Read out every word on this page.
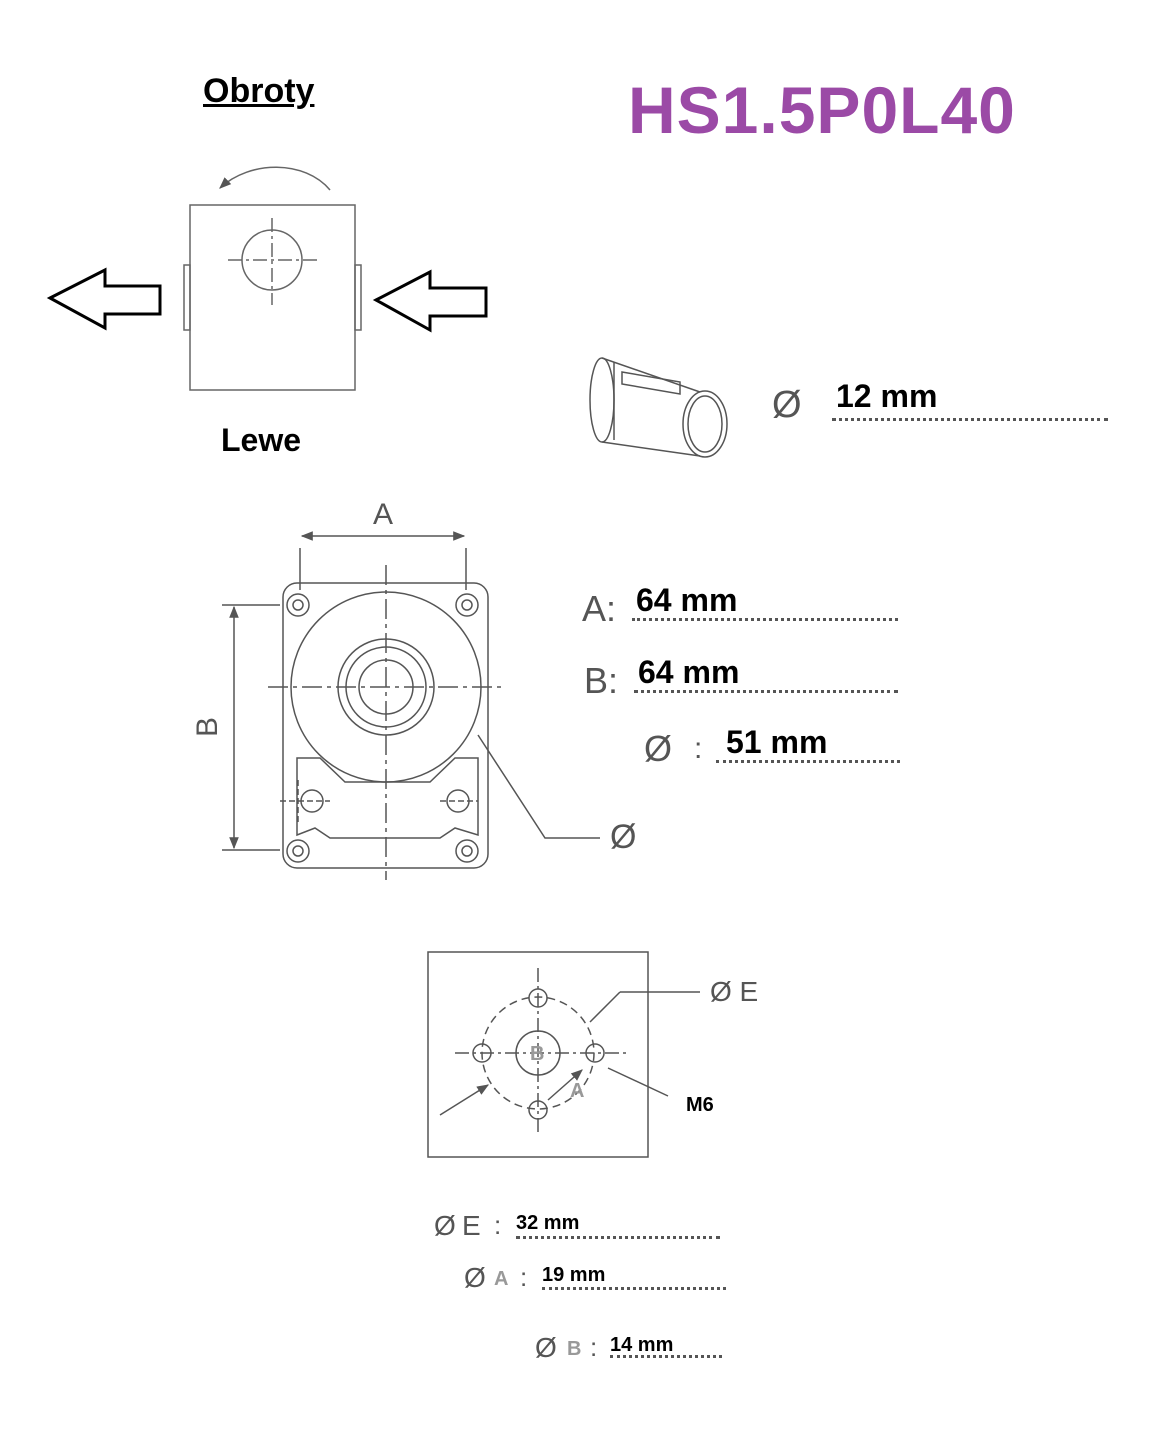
Obroty	HS1.5P0L40
Lewe
Ø 12 mm
A
B
Ø
A: 64 mm
B: 64 mm
Ø : 51 mm
Ø E
B
A
M6
Ø E : 32 mm
Ø A : 19 mm
Ø B : 14 mm
